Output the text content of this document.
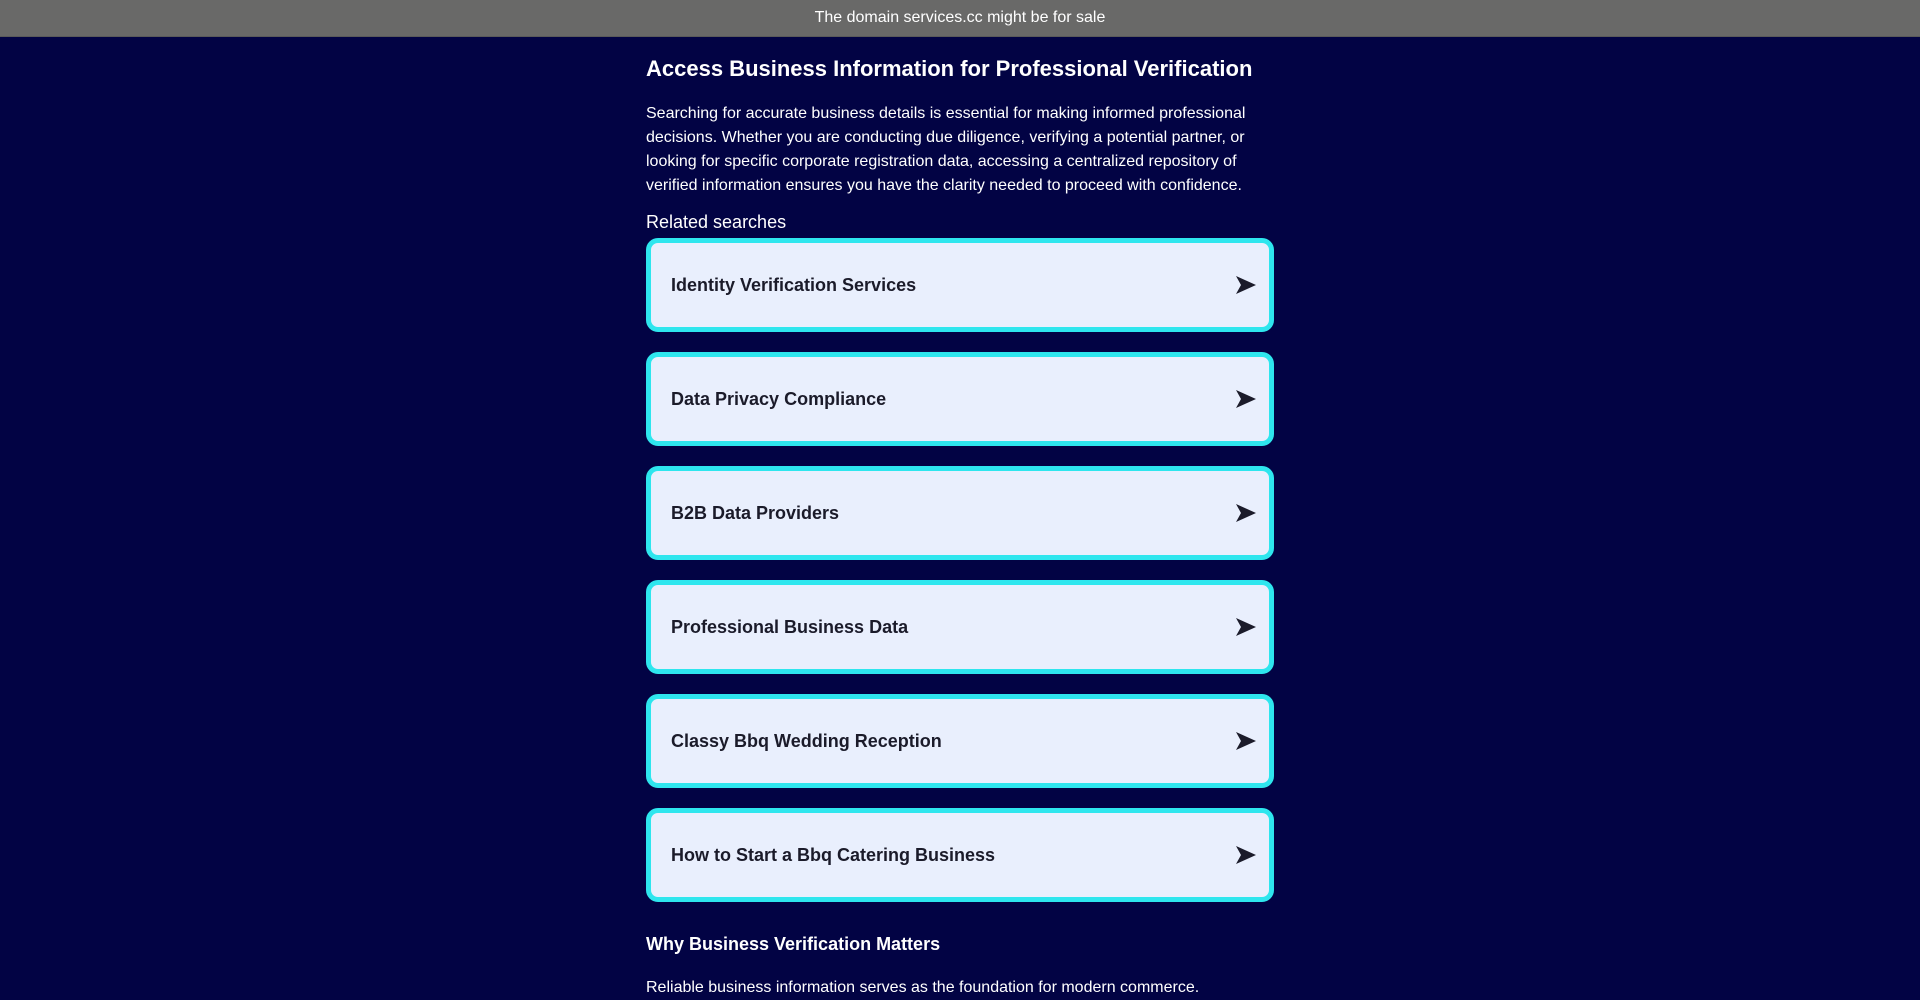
The domain services.cc might be for sale
Access Business Information for Professional Verification

Searching for accurate business details is essential for making informed professional decisions. Whether you are conducting due diligence, verifying a potential partner, or looking for specific corporate registration data, accessing a centralized repository of verified information ensures you have the clarity needed to proceed with confidence.

Related searches
Identity Verification Services
Data Privacy Compliance
B2B Data Providers
Professional Business Data
Classy Bbq Wedding Reception
How to Start a Bbq Catering Business
Why Business Verification Matters

Reliable business information serves as the foundation for modern commerce.
